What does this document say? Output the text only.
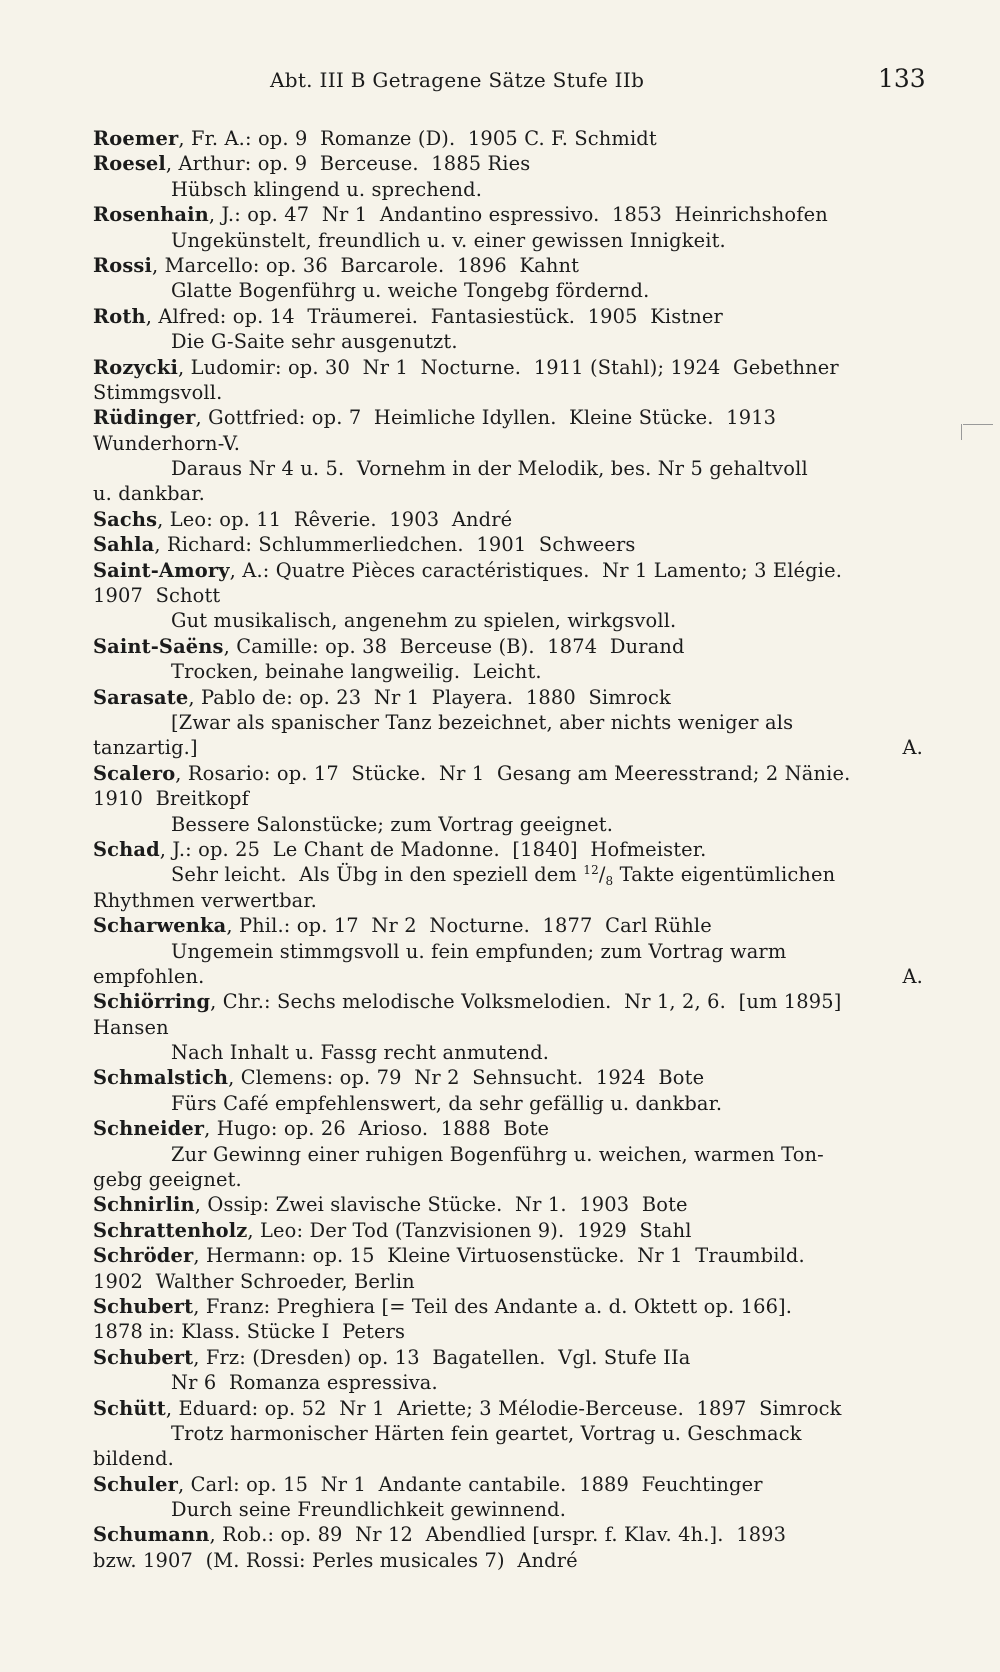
Abt. III B Getragene Sätze Stufe IIb	133
Roemer, Fr. A.: op. 9  Romanze (D).  1905 C. F. Schmidt
Roesel, Arthur: op. 9  Berceuse.  1885 Ries
Hübsch klingend u. sprechend.
Rosenhain, J.: op. 47  Nr 1  Andantino espressivo.  1853  Heinrichshofen
Ungekünstelt, freundlich u. v. einer gewissen Innigkeit.
Rossi, Marcello: op. 36  Barcarole.  1896  Kahnt
Glatte Bogenführg u. weiche Tongebg fördernd.
Roth, Alfred: op. 14  Träumerei.  Fantasiestück.  1905  Kistner
Die G-Saite sehr ausgenutzt.
Rozycki, Ludomir: op. 30  Nr 1  Nocturne.  1911 (Stahl); 1924  Gebethner
Stimmgsvoll.
Rüdinger, Gottfried: op. 7  Heimliche Idyllen.  Kleine Stücke.  1913
Wunderhorn-V.
Daraus Nr 4 u. 5.  Vornehm in der Melodik, bes. Nr 5 gehaltvoll
u. dankbar.
Sachs, Leo: op. 11  Rêverie.  1903  André
Sahla, Richard: Schlummerliedchen.  1901  Schweers
Saint-Amory, A.: Quatre Pièces caractéristiques.  Nr 1 Lamento; 3 Elégie.
1907  Schott
Gut musikalisch, angenehm zu spielen, wirkgsvoll.
Saint-Saëns, Camille: op. 38  Berceuse (B).  1874  Durand
Trocken, beinahe langweilig.  Leicht.
Sarasate, Pablo de: op. 23  Nr 1  Playera.  1880  Simrock
[Zwar als spanischer Tanz bezeichnet, aber nichts weniger als
tanzartig.]	A.
Scalero, Rosario: op. 17  Stücke.  Nr 1  Gesang am Meeresstrand; 2 Nänie.
1910  Breitkopf
Bessere Salonstücke; zum Vortrag geeignet.
Schad, J.: op. 25  Le Chant de Madonne.  [1840]  Hofmeister.
Sehr leicht.  Als Übg in den speziell dem $^{12}/_8$ Takte eigentümlichen
Rhythmen verwertbar.
Scharwenka, Phil.: op. 17  Nr 2  Nocturne.  1877  Carl Rühle
Ungemein stimmgsvoll u. fein empfunden; zum Vortrag warm
empfohlen.	A.
Schiörring, Chr.: Sechs melodische Volksmelodien.  Nr 1, 2, 6.  [um 1895]
Hansen
Nach Inhalt u. Fassg recht anmutend.
Schmalstich, Clemens: op. 79  Nr 2  Sehnsucht.  1924  Bote
Fürs Café empfehlenswert, da sehr gefällig u. dankbar.
Schneider, Hugo: op. 26  Arioso.  1888  Bote
Zur Gewinng einer ruhigen Bogenführg u. weichen, warmen Ton-
gebg geeignet.
Schnirlin, Ossip: Zwei slavische Stücke.  Nr 1.  1903  Bote
Schrattenholz, Leo: Der Tod (Tanzvisionen 9).  1929  Stahl
Schröder, Hermann: op. 15  Kleine Virtuosenstücke.  Nr 1  Traumbild.
1902  Walther Schroeder, Berlin
Schubert, Franz: Preghiera [= Teil des Andante a. d. Oktett op. 166].
1878 in: Klass. Stücke I  Peters
Schubert, Frz: (Dresden) op. 13  Bagatellen.  Vgl. Stufe IIa
Nr 6  Romanza espressiva.
Schütt, Eduard: op. 52  Nr 1  Ariette; 3 Mélodie-Berceuse.  1897  Simrock
Trotz harmonischer Härten fein geartet, Vortrag u. Geschmack
bildend.
Schuler, Carl: op. 15  Nr 1  Andante cantabile.  1889  Feuchtinger
Durch seine Freundlichkeit gewinnend.
Schumann, Rob.: op. 89  Nr 12  Abendlied [urspr. f. Klav. 4h.].  1893
bzw. 1907  (M. Rossi: Perles musicales 7)  André
